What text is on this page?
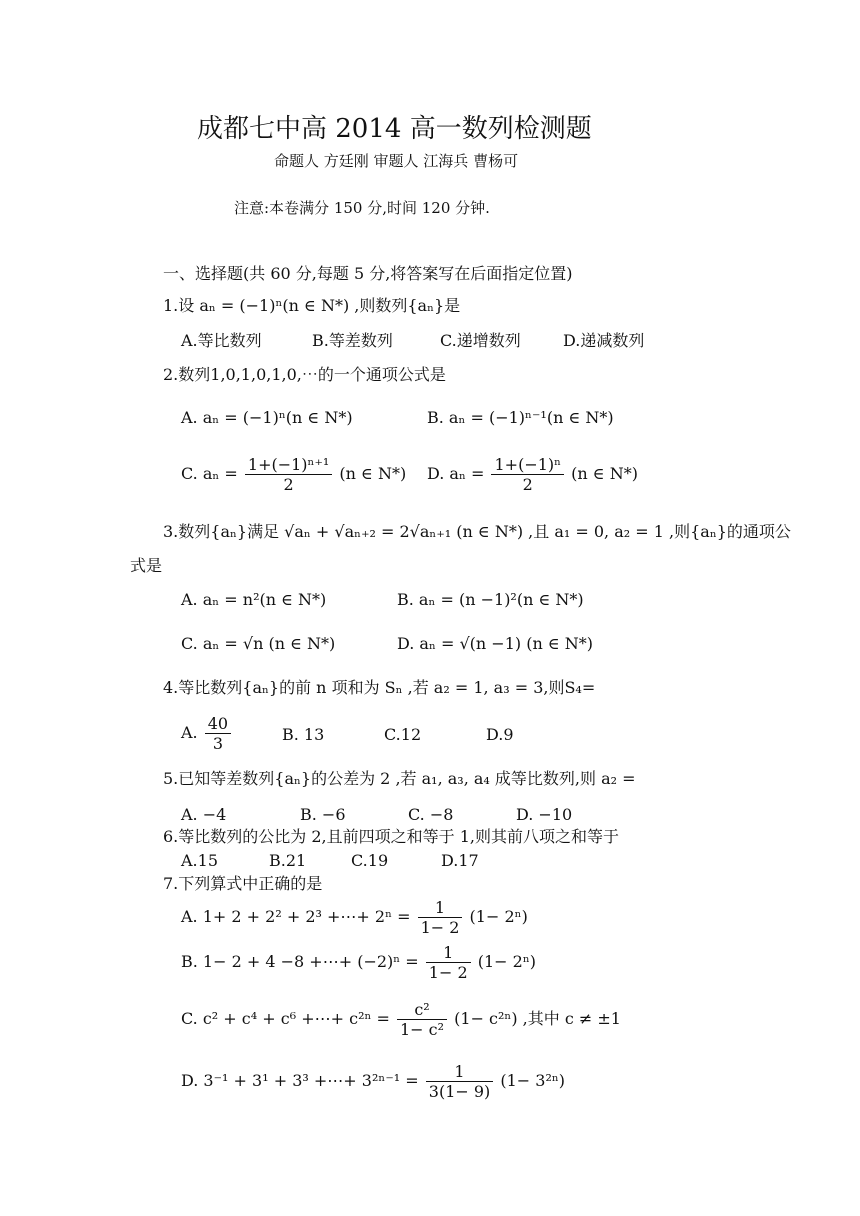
成都七中高 2014 高一数列检测题
命题人 方廷刚 审题人 江海兵 曹杨可
注意:本卷满分 150 分,时间 120 分钟.
一、选择题(共 60 分,每题 5 分,将答案写在后面指定位置)
1.设 aₙ = (−1)ⁿ(n ∈ N*) ,则数列{aₙ}是
A.等比数列	B.等差数列	C.递增数列	D.递减数列
2.数列1,0,1,0,1,0,⋯的一个通项公式是
A. aₙ = (−1)ⁿ(n ∈ N*)	B. aₙ = (−1)ⁿ⁻¹(n ∈ N*)
C. $a_n = \frac{\text{1+(−1)ⁿ⁺¹}}{2} (n$ ∈ N*) D. $a_n = \frac{\text{1+(−1)ⁿ}}{2} (n$ ∈ N*)
3.数列{aₙ}满足 √aₙ + √aₙ₊₂ = 2√aₙ₊₁ (n ∈ N*) ,且 a₁ = 0, a₂ = 1 ,则{aₙ}的通项公
式是
A. aₙ = n²(n ∈ N*)	B. aₙ = (n −1)²(n ∈ N*)
C. aₙ = √n (n ∈ N*)	D. aₙ = √(n −1) (n ∈ N*)
4.等比数列{aₙ}的前 n 项和为 Sₙ ,若 a₂ = 1, a₃ = 3,则S₄=
A. $\frac{40}{3}$	B. 13	C.12	D.9
5.已知等差数列{aₙ}的公差为 2 ,若 a₁, a₃, a₄ 成等比数列,则 a₂ =
A. −4	B. −6	C. −8	D. −10
6.等比数列的公比为 2,且前四项之和等于 1,则其前八项之和等于
A.15	B.21	C.19	D.17
7.下列算式中正确的是
A. 1+ 2 + 2² + 2³ +⋯+ $2^n = \frac{1}{1- 2} (1- 2^n)$
B. 1− 2 + 4 −8 +⋯+ $(-2)^n = \frac{1}{1- 2} (1- 2^n)$
C. c² + c⁴ + c⁶ +⋯+ $c^{2n} = \frac{\text{c²}}{\text{1− c²}} (1- c^{2n})$ ,其中 c ≠ ±1
D. 3⁻¹ + 3¹ + 3³ +⋯+ $3^{2n-1} = \frac{1}{3(1- 9)} (1- 3^{2n})$
